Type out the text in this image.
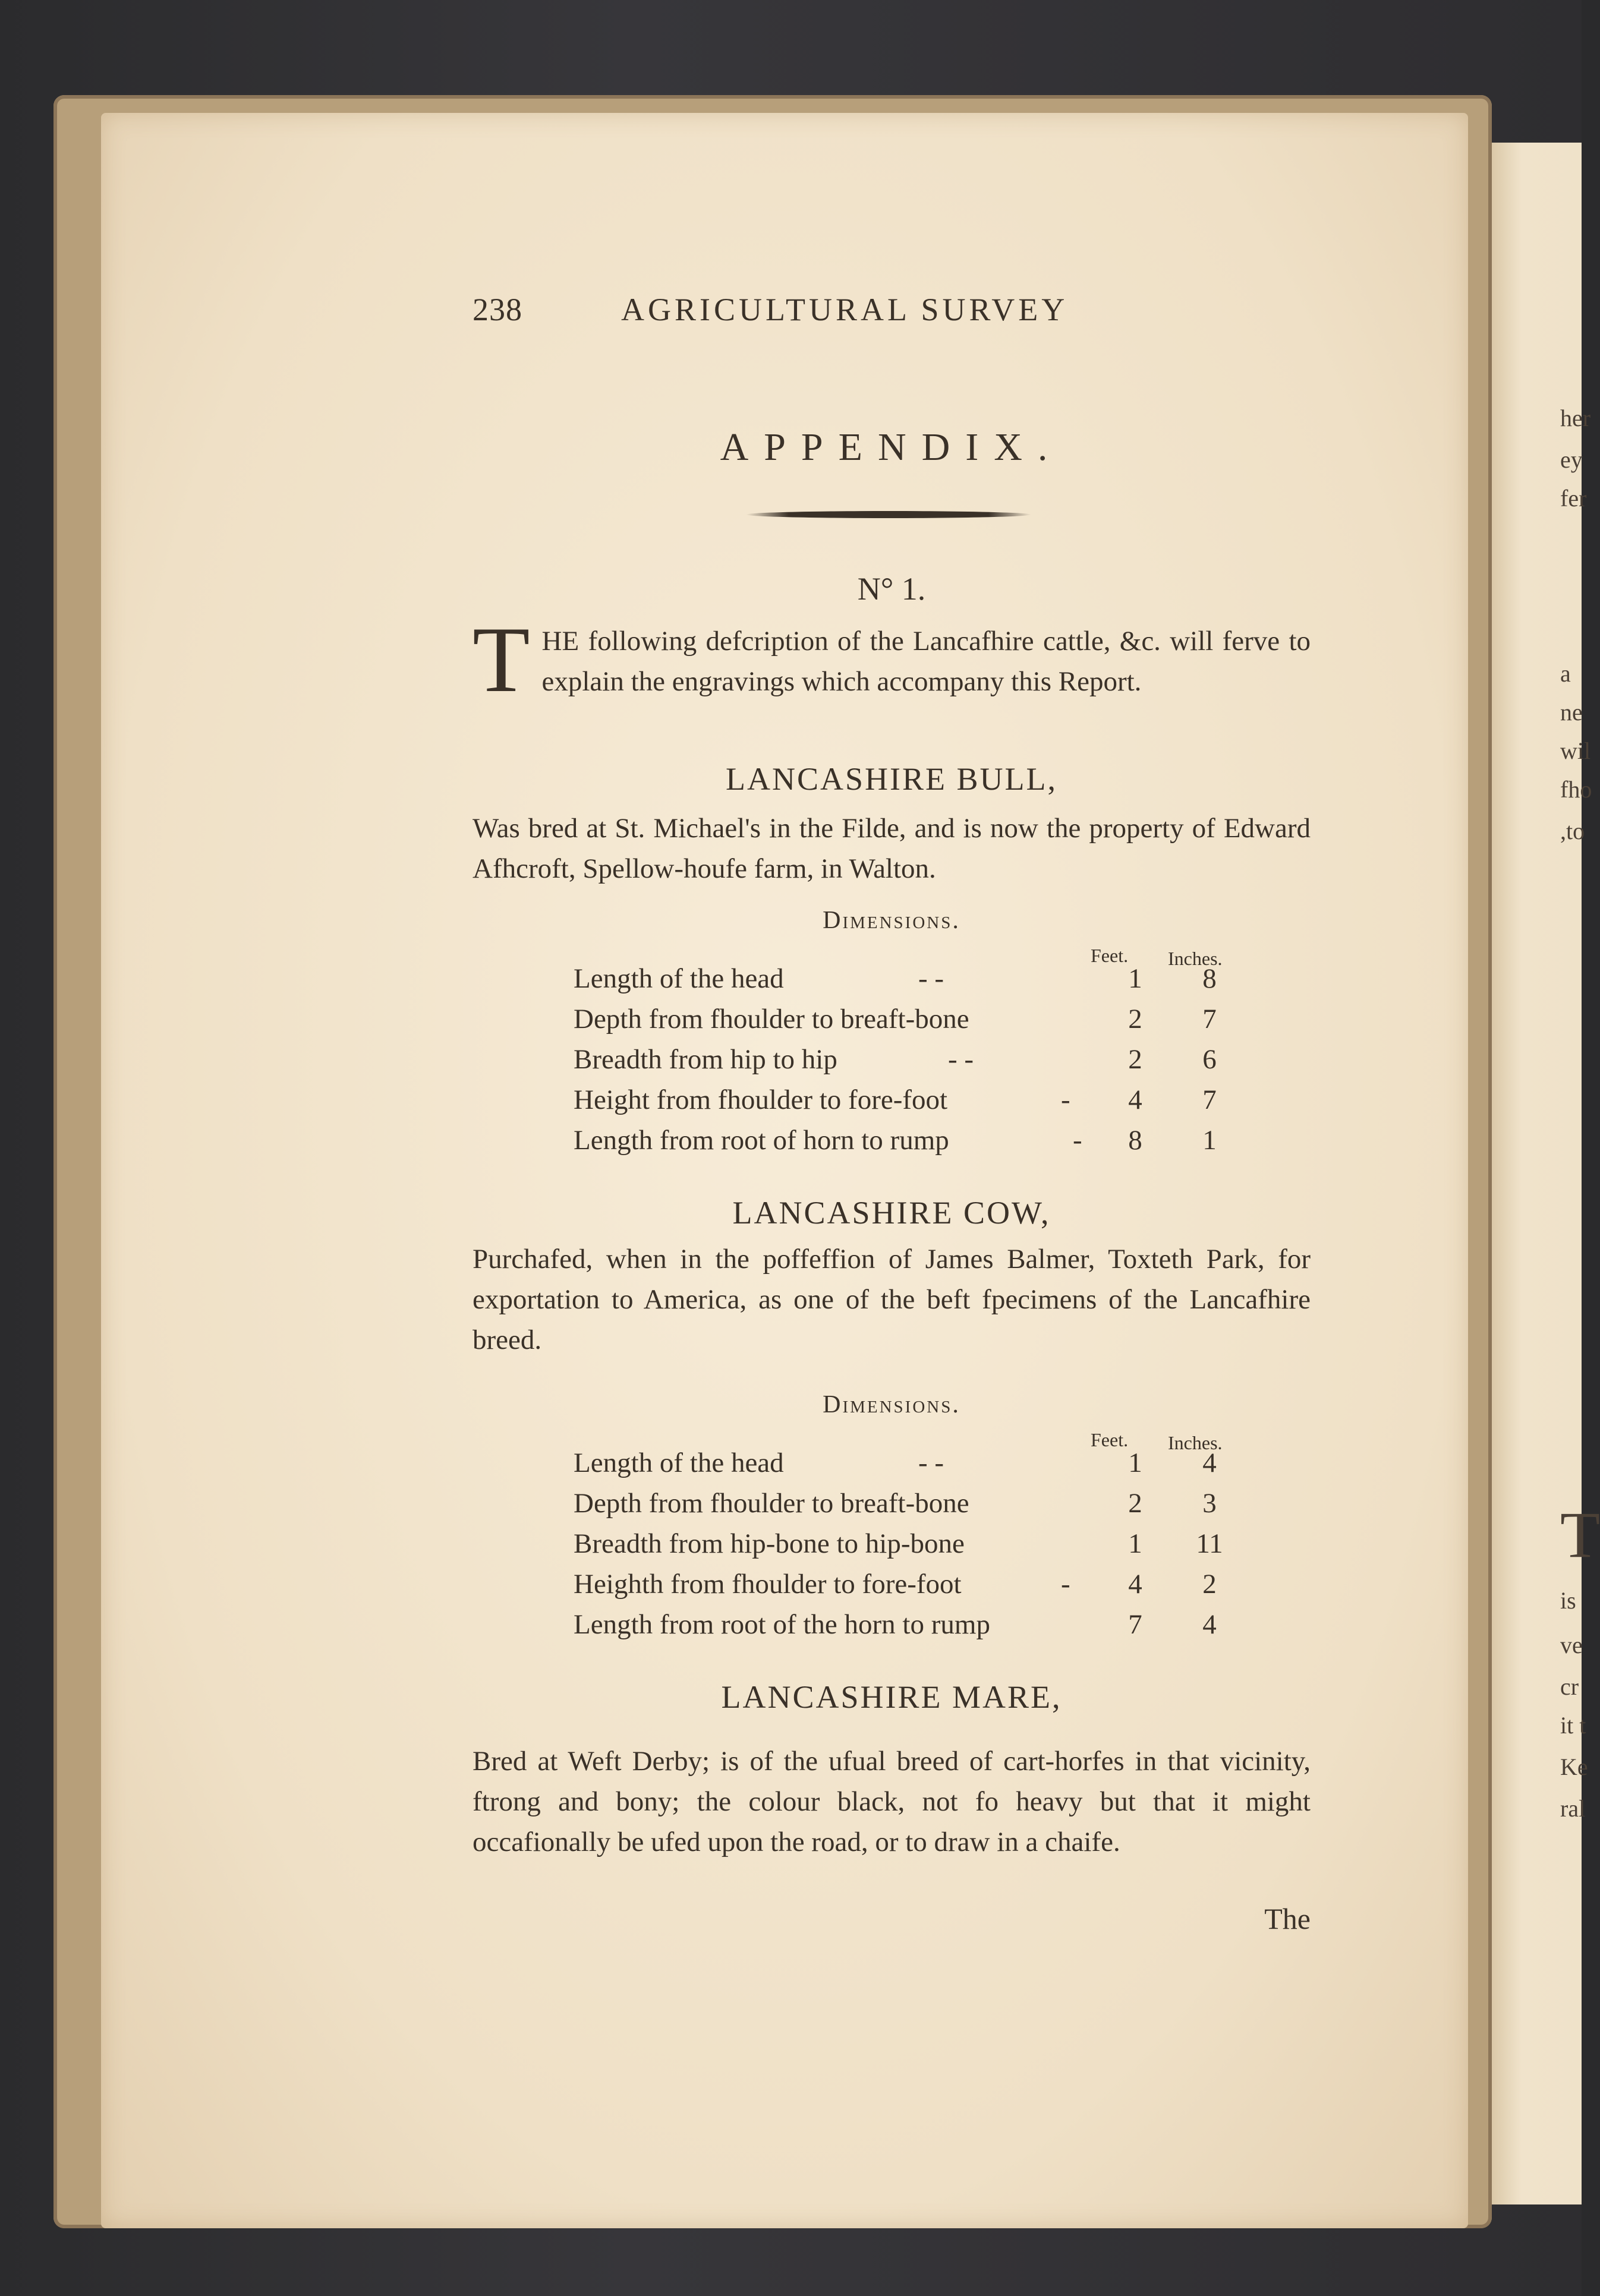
her
ey
fer
a
ne
wil
fho
,to
T
is
ve
cr
it t
Ke
ral
238	AGRICULTURAL SURVEY
APPENDIX.
N° 1.
THE following defcription of the Lancafhire cattle, &c. will ferve to explain the engravings which accompany this Report.
LANCASHIRE BULL,
Was bred at St. Michael's in the Filde, and is now the property of Edward Afhcroft, Spellow-houfe farm, in Walton.
Dimensions.
Feet. Inches.
Length of the head	- -	1	8
Depth from fhoulder to breaft-bone	2	7
Breadth from hip to hip	- -	2	6
Height from fhoulder to fore-foot	- 4	7
Length from root of horn to rump	- 8	1
LANCASHIRE COW,
Purchafed, when in the poffeffion of James Balmer, Toxteth Park, for exportation to America, as one of the beft fpecimens of the Lancafhire breed.
Dimensions.
Feet. Inches.
Length of the head	- -	1	4
Depth from fhoulder to breaft-bone	2	3
Breadth from hip-bone to hip-bone	1 11
Heighth from fhoulder to fore-foot	- 4	2
Length from root of the horn to rump	7	4
LANCASHIRE MARE,
Bred at Weft Derby; is of the ufual breed of cart-horfes in that vicinity, ftrong and bony; the colour black, not fo heavy but that it might occafionally be ufed upon the road, or to draw in a chaife.
The
